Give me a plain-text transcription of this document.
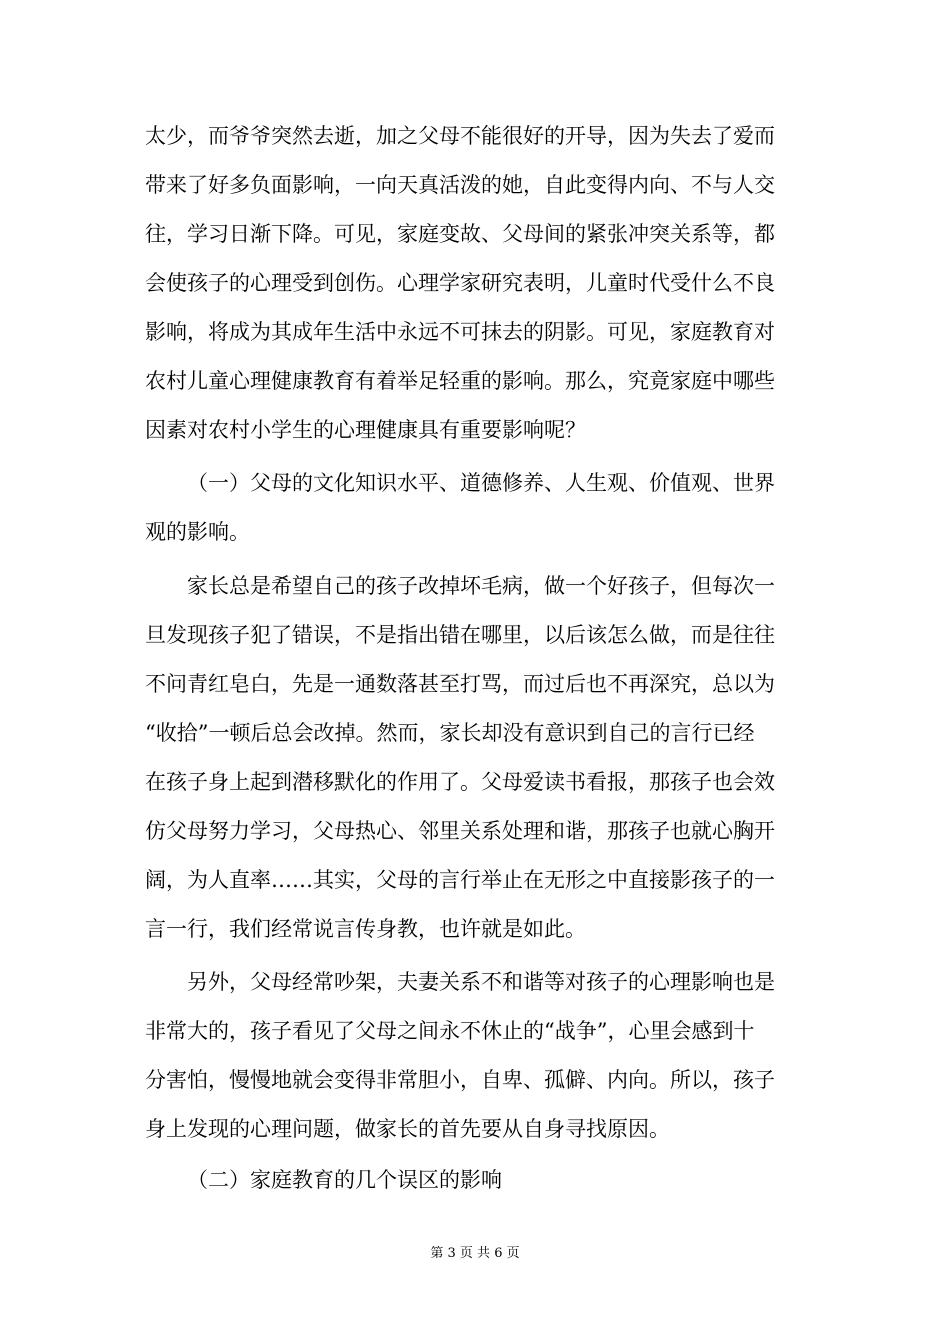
太少，而爷爷突然去逝，加之父母不能很好的开导，因为失去了爱而
带来了好多负面影响，一向天真活泼的她，自此变得内向、不与人交
往，学习日渐下降。可见，家庭变故、父母间的紧张冲突关系等，都
会使孩子的心理受到创伤。心理学家研究表明，儿童时代受什么不良
影响，将成为其成年生活中永远不可抹去的阴影。可见，家庭教育对
农村儿童心理健康教育有着举足轻重的影响。那么，究竟家庭中哪些
因素对农村小学生的心理健康具有重要影响呢？
（一）父母的文化知识水平、道德修养、人生观、价值观、世界
观的影响。
家长总是希望自己的孩子改掉坏毛病，做一个好孩子，但每次一
旦发现孩子犯了错误，不是指出错在哪里，以后该怎么做，而是往往
不问青红皂白，先是一通数落甚至打骂，而过后也不再深究，总以为
“收拾”一顿后总会改掉。然而，家长却没有意识到自己的言行已经
在孩子身上起到潜移默化的作用了。父母爱读书看报，那孩子也会效
仿父母努力学习，父母热心、邻里关系处理和谐，那孩子也就心胸开
阔，为人直率……其实，父母的言行举止在无形之中直接影孩子的一
言一行，我们经常说言传身教，也许就是如此。
另外，父母经常吵架，夫妻关系不和谐等对孩子的心理影响也是
非常大的，孩子看见了父母之间永不休止的“战争”，心里会感到十
分害怕，慢慢地就会变得非常胆小，自卑、孤僻、内向。所以，孩子
身上发现的心理问题，做家长的首先要从自身寻找原因。
（二）家庭教育的几个误区的影响
第 3 页 共 6 页
